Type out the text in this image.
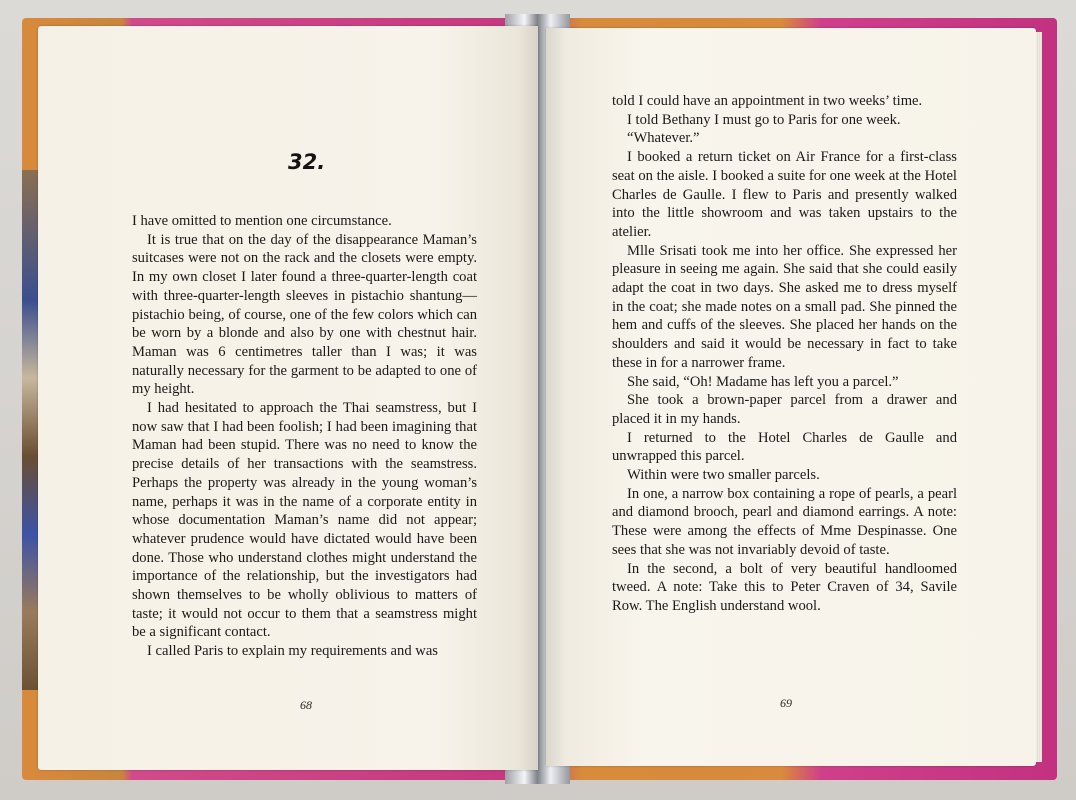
32.

I have omitted to mention one circumstance.

It is true that on the day of the disappearance Maman’s suitcases were not on the rack and the closets were empty. In my own closet I later found a three-quarter-length coat with three-quarter-length sleeves in pistachio shantung—pistachio being, of course, one of the few colors which can be worn by a blonde and also by one with chestnut hair. Maman was 6 centimetres taller than I was; it was naturally necessary for the garment to be adapted to one of my height.

I had hesitated to approach the Thai seamstress, but I now saw that I had been foolish; I had been imagining that Maman had been stupid. There was no need to know the precise details of her transactions with the seamstress. Perhaps the property was already in the young woman’s name, perhaps it was in the name of a corporate entity in whose documentation Maman’s name did not appear; whatever prudence would have dictated would have been done. Those who understand clothes might understand the importance of the relationship, but the investigators had shown themselves to be wholly oblivious to matters of taste; it would not occur to them that a seamstress might be a significant contact.

I called Paris to explain my requirements and was

68

told I could have an appointment in two weeks’ time.

I told Bethany I must go to Paris for one week.

“Whatever.”

I booked a return ticket on Air France for a first-class seat on the aisle. I booked a suite for one week at the Hotel Charles de Gaulle. I flew to Paris and presently walked into the little showroom and was taken upstairs to the atelier.

Mlle Srisati took me into her office. She expressed her pleasure in seeing me again. She said that she could easily adapt the coat in two days. She asked me to dress myself in the coat; she made notes on a small pad. She pinned the hem and cuffs of the sleeves. She placed her hands on the shoulders and said it would be necessary in fact to take these in for a narrower frame.

She said, “Oh! Madame has left you a parcel.”

She took a brown-paper parcel from a drawer and placed it in my hands.

I returned to the Hotel Charles de Gaulle and unwrapped this parcel.

Within were two smaller parcels.

In one, a narrow box containing a rope of pearls, a pearl and diamond brooch, pearl and diamond earrings. A note: These were among the effects of Mme Despinasse. One sees that she was not invariably devoid of taste.

In the second, a bolt of very beautiful handloomed tweed. A note: Take this to Peter Craven of 34, Savile Row. The English understand wool.

69
